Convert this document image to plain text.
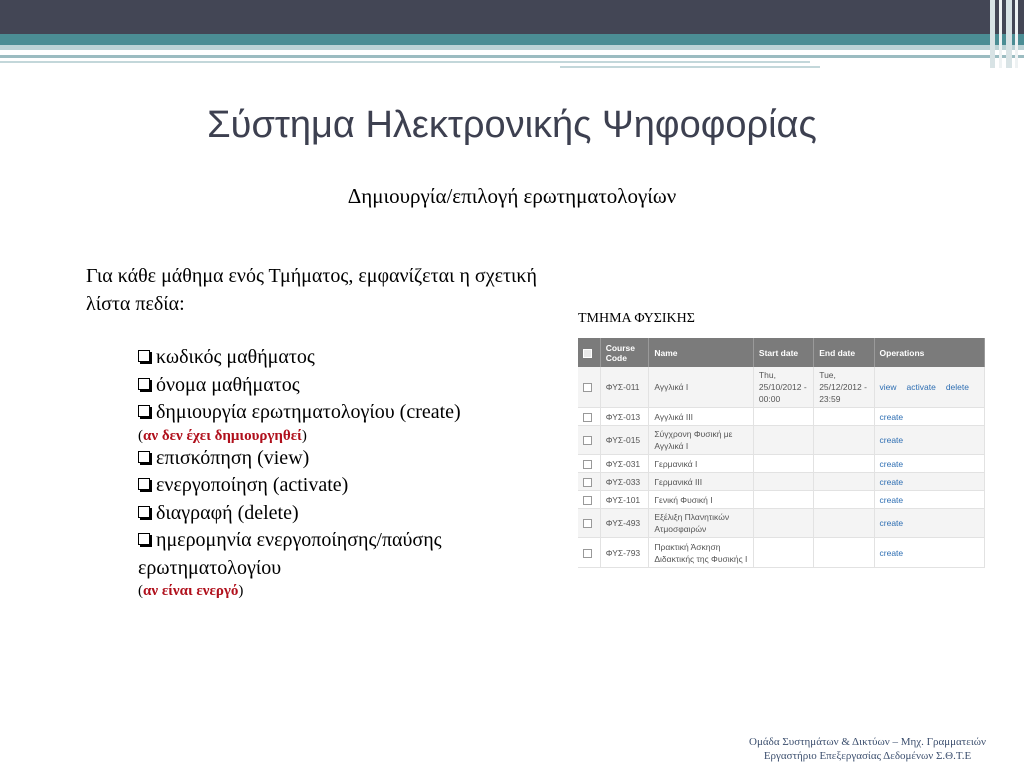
Σύστημα Ηλεκτρονικής Ψηφοφορίας
Δημιουργία/επιλογή ερωτηματολογίων
Για κάθε μάθημα ενός Τμήματος, εμφανίζεται η σχετική λίστα πεδία:
κωδικός μαθήματος
όνομα μαθήματος
δημιουργία ερωτηματολογίου (create)
(αν δεν έχει δημιουργηθεί)
επισκόπηση (view)
ενεργοποίηση (activate)
διαγραφή (delete)
ημερομηνία ενεργοποίησης/παύσης ερωτηματολογίου
(αν είναι ενεργό)
ΤΜΗΜΑ ΦΥΣΙΚΗΣ
	Course Code	Name	Start date	End date	Operations
	ΦΥΣ-011	Αγγλικά Ι	Thu, 25/10/2012 - 00:00	Tue, 25/12/2012 - 23:59	view activate delete
	ΦΥΣ-013	Αγγλικά ΙΙΙ			create
	ΦΥΣ-015	Σύγχρονη Φυσική με Αγγλικά Ι			create
	ΦΥΣ-031	Γερμανικά Ι			create
	ΦΥΣ-033	Γερμανικά ΙΙΙ			create
	ΦΥΣ-101	Γενική Φυσική Ι			create
	ΦΥΣ-493	Εξέλιξη Πλανητικών Ατμοσφαιρών			create
	ΦΥΣ-793	Πρακτική Άσκηση Διδακτικής της Φυσικής Ι			create
Ομάδα Συστημάτων & Δικτύων – Μηχ. Γραμματειών
Εργαστήριο Επεξεργασίας Δεδομένων Σ.Θ.Τ.Ε
